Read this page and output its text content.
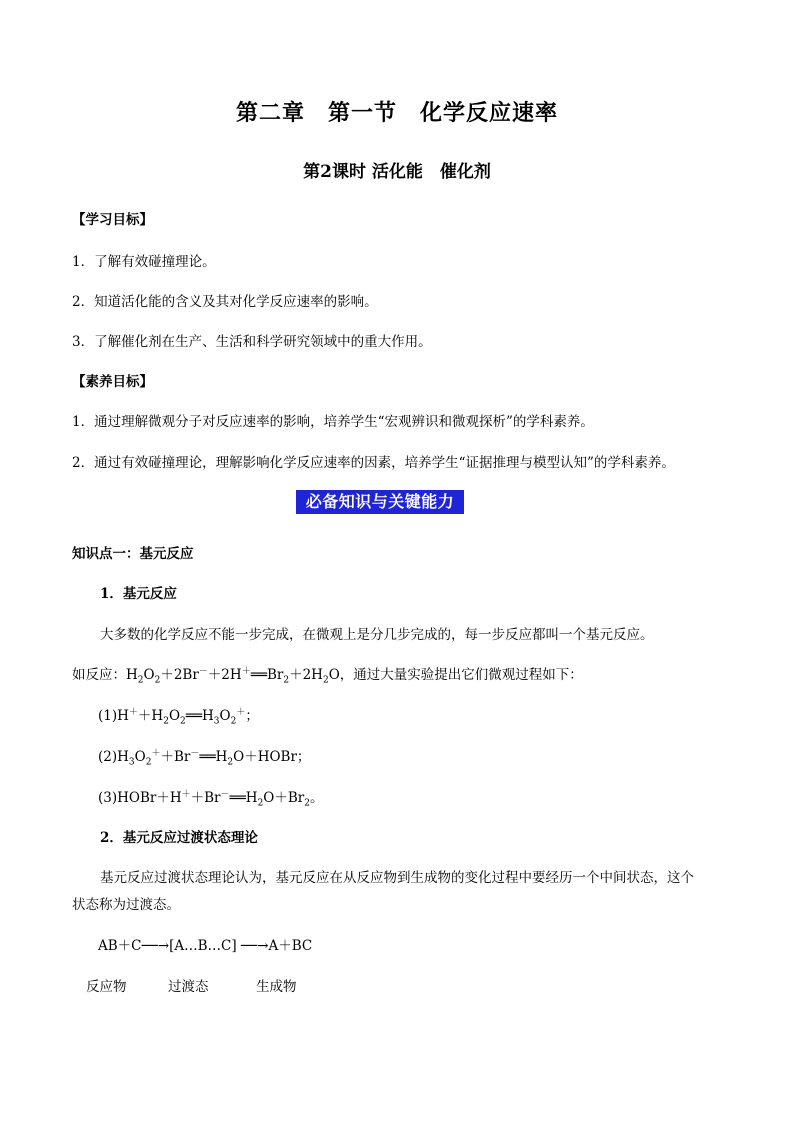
第二章　第一节　化学反应速率
第2课时 活化能　催化剂
【学习目标】
1．了解有效碰撞理论。
2．知道活化能的含义及其对化学反应速率的影响。
3．了解催化剂在生产、生活和科学研究领域中的重大作用。
【素养目标】
1．通过理解微观分子对反应速率的影响，培养学生“宏观辨识和微观探析”的学科素养。
2．通过有效碰撞理论，理解影响化学反应速率的因素，培养学生“证据推理与模型认知”的学科素养。
必备知识与关键能力
知识点一：基元反应
1．基元反应
大多数的化学反应不能一步完成，在微观上是分几步完成的，每一步反应都叫一个基元反应。
如反应：$H_2O_2+2Br^-+2H^+══Br_2+2H_2O$，通过大量实验提出它们微观过程如下：
$(1)H^++H_2O_2══H_3O_2^+$；
$(2)H_3O_2^++Br^-══H_2O+HOBr$；
$(3)HOBr+H^++Br^-══H_2O+Br_2$。
2．基元反应过渡状态理论
基元反应过渡状态理论认为，基元反应在从反应物到生成物的变化过程中要经历一个中间状态，这个
状态称为过渡态。
AB＋C──→[A…B…C] ──→A＋BC
反应物	过渡态	生成物
